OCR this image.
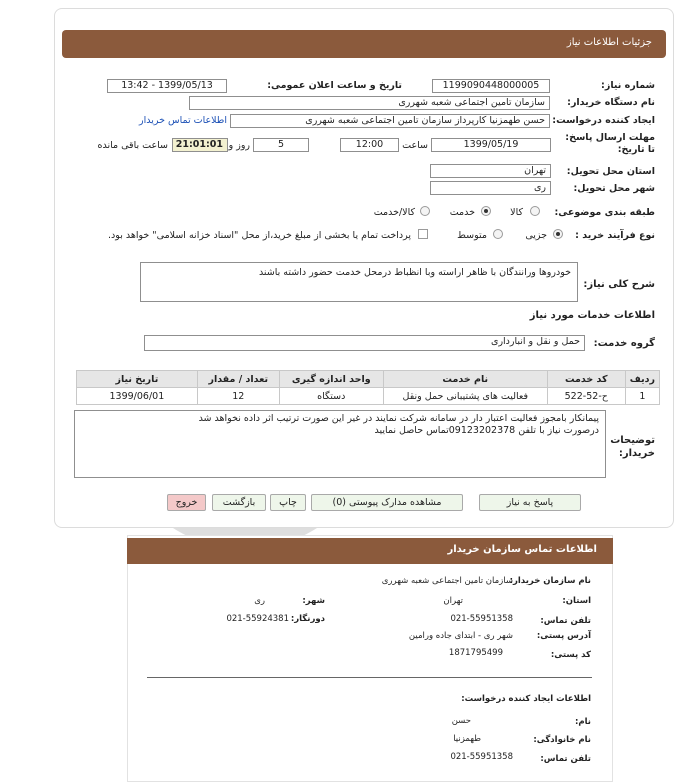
جزئیات اطلاعات نیاز
شماره نیاز:
1199090448000005
تاریخ و ساعت اعلان عمومی:
1399/05/13 - 13:42
نام دستگاه خریدار:
سازمان تامین اجتماعی شعبه شهرری
ایجاد کننده درخواست:
حسن طهمزنیا کارپرداز سازمان تامین اجتماعی شعبه شهرری
اطلاعات تماس خریدار
مهلت ارسال پاسخ: تا تاریخ:
1399/05/19
ساعت
12:00
5
روز و
21:01:01
ساعت باقی مانده
استان محل تحویل:
تهران
شهر محل تحویل:
ری
طبقه بندی موضوعی:
کالا
خدمت
کالا/خدمت
نوع فرآیند خرید :
جزیی
متوسط
پرداخت تمام یا بخشی از مبلغ خرید،از محل "اسناد خزانه اسلامی" خواهد بود.
شرح کلی نیاز:
خودروها ورانندگان با ظاهر اراسته وبا انظباط درمحل خدمت حضور داشته باشند
اطلاعات خدمات مورد نیاز
گروه خدمت:
حمل و نقل و انبارداری
ردیف	کد خدمت	نام خدمت	واحد اندازه گیری	تعداد / مقدار	تاریخ نیاز
1	ح-52-522	فعالیت های پشتیبانی حمل ونقل	دستگاه	12	1399/06/01
توضیحات خریدار:
پیمانکار بامجوز فعالیت اعتبار دار در سامانه شرکت نمایند در غیر این صورت ترتیب اثر داده نخواهد شد
درصورت نیاز با تلفن 09123202378تماس حاصل نمایید
پاسخ به نیاز
مشاهده مدارک پیوستی (0)
چاپ
بازگشت
خروج
اطلاعات تماس سازمان خریدار
نام سازمان خریدار:
سازمان تامین اجتماعی شعبه شهرری
استان:
تهران
شهر:
ری
تلفن تماس:
021-55951358
دورنگار:
021-55924381
آدرس پستی:
شهر ری - ابتدای جاده ورامین
کد پستی:
1871795499
اطلاعات ایجاد کننده درخواست:
نام:
حسن
نام خانوادگی:
طهمزنیا
تلفن تماس:
021-55951358
